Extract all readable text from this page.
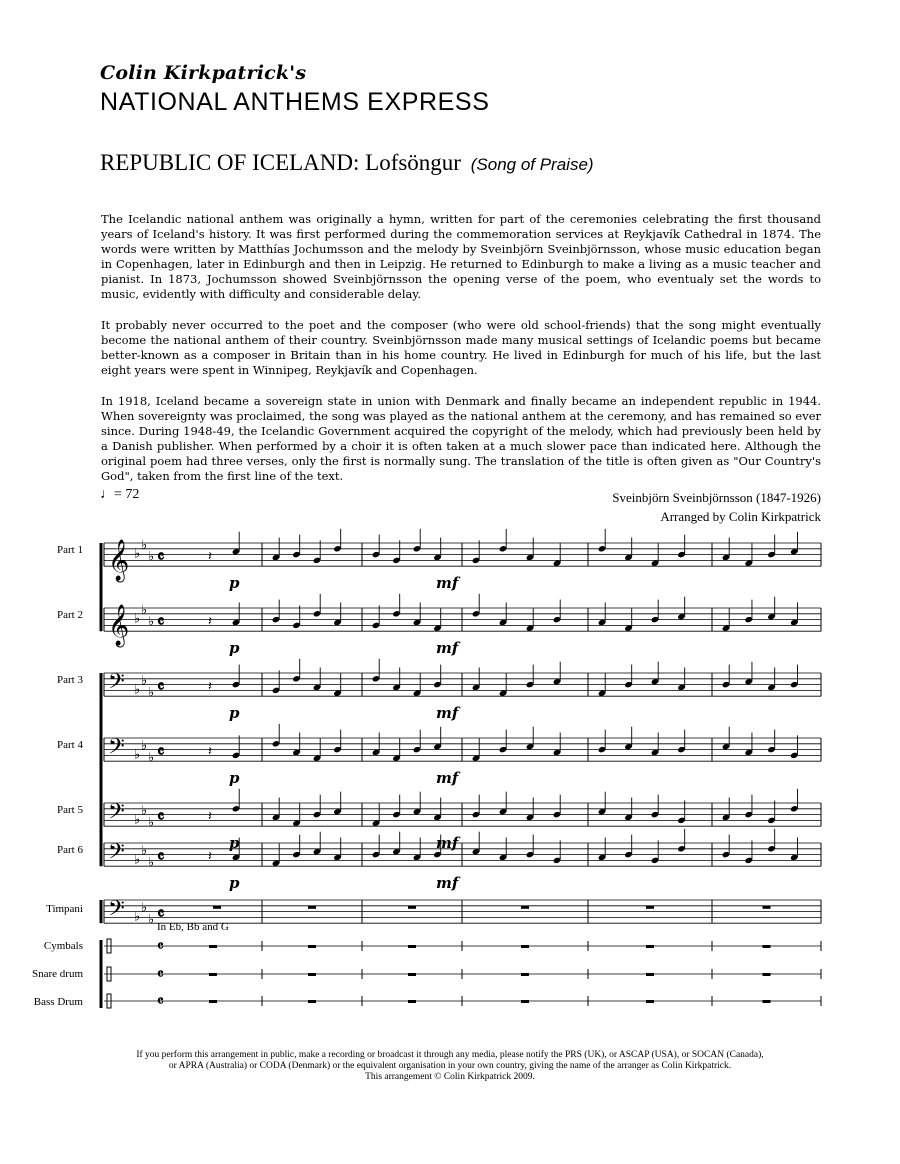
Colin Kirkpatrick's
NATIONAL ANTHEMS EXPRESS
REPUBLIC OF ICELAND: Lofsöngur (Song of Praise)

The Icelandic national anthem was originally a hymn, written for part of the ceremonies celebrating the first thousand years of Iceland's history. It was first performed during the commemoration services at Reykjavík Cathedral in 1874. The words were written by Matthías Jochumsson and the melody by Sveinbjörn Sveinbjörnsson, whose music education began in Copenhagen, later in Edinburgh and then in Leipzig. He returned to Edinburgh to make a living as a music teacher and pianist. In 1873, Jochumsson showed Sveinbjörnsson the opening verse of the poem, who eventualy set the words to music, evidently with difficulty and considerable delay.

It probably never occurred to the poet and the composer (who were old school-friends) that the song might eventually become the national anthem of their country. Sveinbjörnsson made many musical settings of Icelandic poems but became better-known as a composer in Britain than in his home country. He lived in Edinburgh for much of his life, but the last eight years were spent in Winnipeg, Reykjavík and Copenhagen.

In 1918, Iceland became a sovereign state in union with Denmark and finally became an independent republic in 1944. When sovereignty was proclaimed, the song was played as the national anthem at the ceremony, and has remained so ever since. During 1948-49, the Icelandic Government acquired the copyright of the melody, which had previously been held by a Danish publisher. When performed by a choir it is often taken at a much slower pace than indicated here. Although the original poem had three verses, only the first is normally sung. The translation of the title is often given as "Our Country's God", taken from the first line of the text.

♩= 72	Sveinbjörn Sveinbjörnsson (1847-1926)
Arranged by Colin Kirkpatrick
Part 1
Part 2
Part 3
Part 4
Part 5
Part 6
Timpani
Cymbals
Snare drum
Bass Drum
In Eb, Bb and G
𝄞 ♭
♭
♭ 𝄴
𝄞 ♭
♭
♭ 𝄴
𝄢 ♭
♭
♭ 𝄴
𝄢 ♭
♭
♭ 𝄴
𝄢 ♭
♭
♭ 𝄴
𝄢 ♭
♭
♭ 𝄴
𝄢 ♭
♭
♭ 𝄴
𝄽
p	mf
𝄽
p	mf
𝄽
p	mf
𝄽
p	mf
𝄽
p	mf
𝄽
p	mf
𝄴
𝄴
𝄴
If you perform this arrangement in public, make a recording or broadcast it through any media, please notify the PRS (UK), or ASCAP (USA), or SOCAN (Canada),
or APRA (Australia) or CODA (Denmark) or the equivalent organisation in your own country, giving the name of the arranger as Colin Kirkpatrick.
This arrangement © Colin Kirkpatrick 2009.
